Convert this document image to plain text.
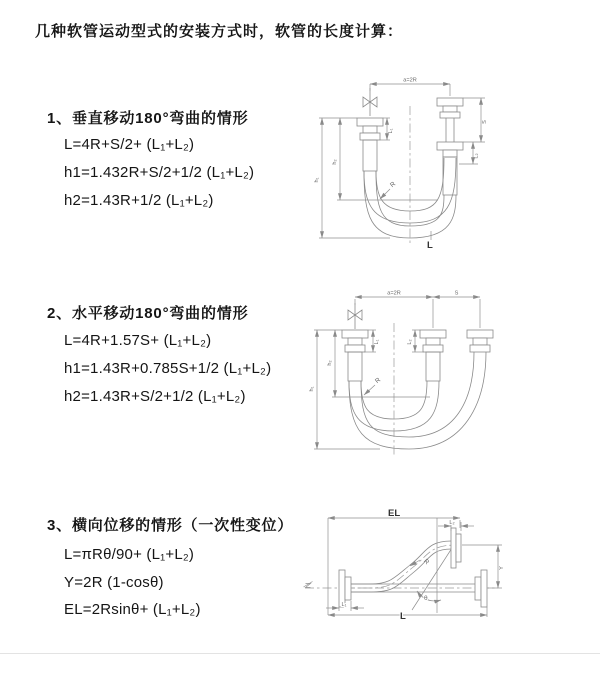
几种软管运动型式的安装方式时，软管的长度计算：
1、垂直移动180°弯曲的情形
L=4R+S/2+ (L₁+L₂)
h1=1.432R+S/2+1/2 (L₁+L₂)
h2=1.43R+1/2 (L₁+L₂)
2、水平移动180°弯曲的情形
L=4R+1.57S+ (L₁+L₂)
h1=1.43R+0.785S+1/2 (L₁+L₂)
h2=1.43R+S/2+1/2 (L₁+L₂)
3、横向位移的情形（一次性变位）
L=πRθ/90+ (L₁+L₂)
Y=2R (1-cosθ)
EL=2Rsinθ+ (L₁+L₂)
a=2R
L₁
S
L₂
h₁
h₂
R
L
a=2R	S
L₁	L₂
h₁
h₂
R
EL
L₂
Y
L₁
L
θ
R
